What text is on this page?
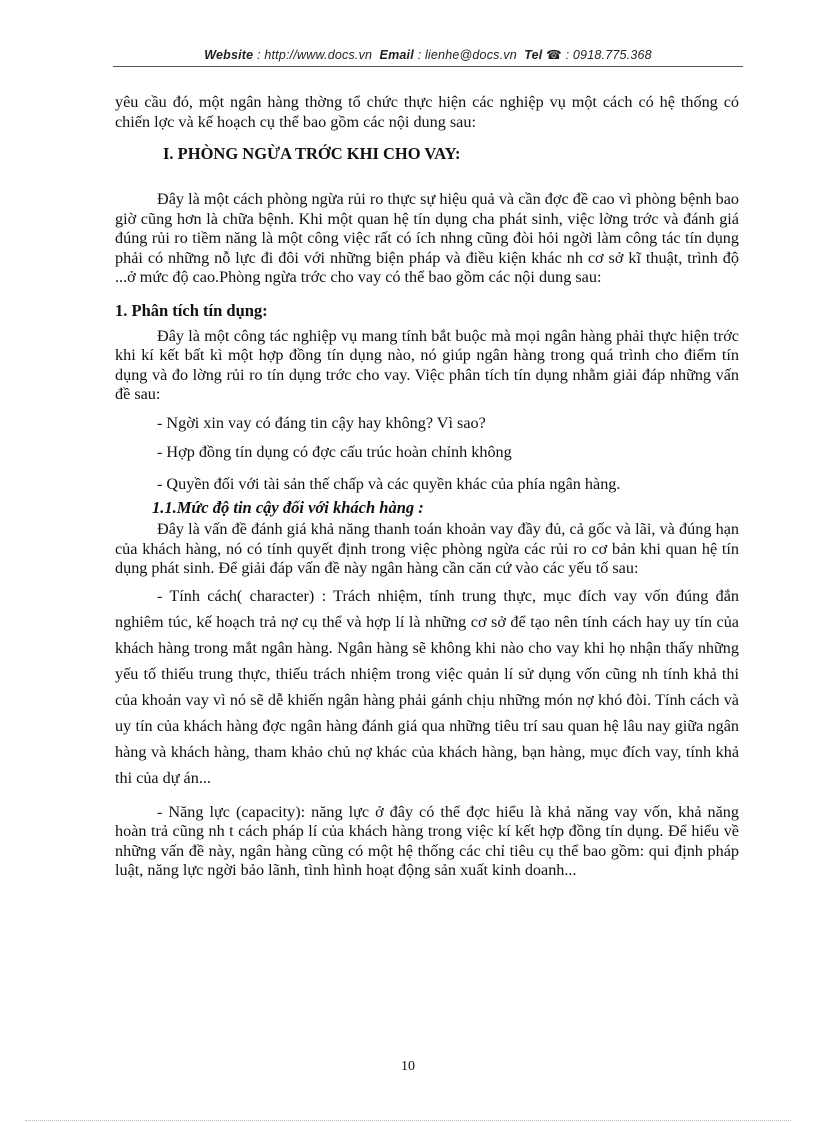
Website : http://www.docs.vn Email : lienhe@docs.vn Tel ☎ : 0918.775.368

yêu cầu đó, một ngân hàng thờng tổ chức thực hiện các nghiệp vụ một cách có hệ thống có chiến lợc và kế hoạch cụ thể bao gồm các nội dung sau:

I. PHÒNG NGỪA TRỚC KHI CHO VAY:

Đây là một cách phòng ngừa rủi ro thực sự hiệu quả và cần đợc đề cao vì phòng bệnh bao giờ cũng hơn là chữa bệnh. Khi một quan hệ tín dụng cha phát sinh, việc lờng trớc và đánh giá đúng rủi ro tiềm năng là một công việc rất có ích nhng cũng đòi hỏi ngời làm công tác tín dụng phải có những nỗ lực đi đôi với những biện pháp và điều kiện khác nh cơ sở kĩ thuật, trình độ ...ở mức độ cao.Phòng ngừa trớc cho vay có thể bao gồm các nội dung sau:

1. Phân tích tín dụng:

Đây là một công tác nghiệp vụ mang tính bắt buộc mà mọi ngân hàng phải thực hiện trớc khi kí kết bất kì một hợp đồng tín dụng nào, nó giúp ngân hàng trong quá trình cho điểm tín dụng và đo lờng rủi ro tín dụng trớc cho vay. Việc phân tích tín dụng nhằm giải đáp những vấn đề sau:

- Ngời xin vay có đáng tin cậy hay không? Vì sao?
- Hợp đồng tín dụng có đợc cấu trúc hoàn chỉnh không
- Quyền đối với tài sản thế chấp và các quyền khác của phía ngân hàng.
1.1.Mức độ tin cậy đối với khách hàng :

Đây là vấn đề đánh giá khả năng thanh toán khoản vay đầy đủ, cả gốc và lãi, và đúng hạn của khách hàng, nó có tính quyết định trong việc phòng ngừa các rủi ro cơ bản khi quan hệ tín dụng phát sinh. Để giải đáp vấn đề này ngân hàng cần căn cứ vào các yếu tố sau:

- Tính cách( character) : Trách nhiệm, tính trung thực, mục đích vay vốn đúng đắn nghiêm túc, kế hoạch trả nợ cụ thể và hợp lí là những cơ sở để tạo nên tính cách hay uy tín của khách hàng trong mắt ngân hàng. Ngân hàng sẽ không khi nào cho vay khi họ nhận thấy những yếu tố thiếu trung thực, thiếu trách nhiệm trong việc quản lí sử dụng vốn cũng nh tính khả thi của khoản vay vì nó sẽ dễ khiến ngân hàng phải gánh chịu những món nợ khó đòi. Tính cách và uy tín của khách hàng đợc ngân hàng đánh giá qua những tiêu trí sau quan hệ lâu nay giữa ngân hàng và khách hàng, tham khảo chủ nợ khác của khách hàng, bạn hàng, mục đích vay, tính khả thi của dự án...

- Năng lực (capacity): năng lực ở đây có thể đợc hiểu là khả năng vay vốn, khả năng hoàn trả cũng nh t cách pháp lí của khách hàng trong việc kí kết hợp đồng tín dụng. Để hiểu về những vấn đề này, ngân hàng cũng có một hệ thống các chỉ tiêu cụ thể bao gồm: qui định pháp luật, năng lực ngời bảo lãnh, tình hình hoạt động sản xuất kinh doanh...

10
